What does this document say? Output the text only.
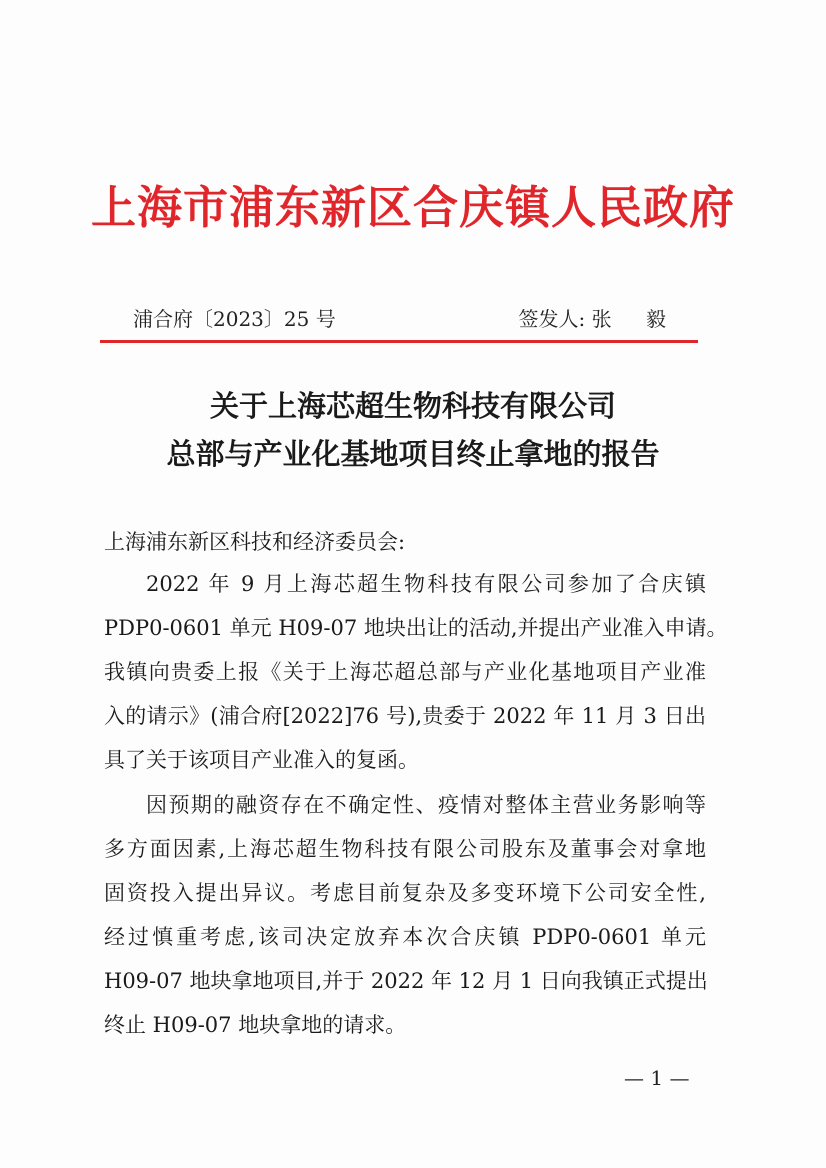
上海市浦东新区合庆镇人民政府
浦合府〔2023〕25 号	签发人: 张 毅
关于上海芯超生物科技有限公司
总部与产业化基地项目终止拿地的报告
上海浦东新区科技和经济委员会:
2022 年 9 月上海芯超生物科技有限公司参加了合庆镇
PDP0-0601 单元 H09-07 地块出让的活动,并提出产业准入申请。
我镇向贵委上报《关于上海芯超总部与产业化基地项目产业准
入的请示》(浦合府[2022]76 号),贵委于 2022 年 11 月 3 日出
具了关于该项目产业准入的复函。
因预期的融资存在不确定性、疫情对整体主营业务影响等
多方面因素,上海芯超生物科技有限公司股东及董事会对拿地
固资投入提出异议。考虑目前复杂及多变环境下公司安全性,
经过慎重考虑,该司决定放弃本次合庆镇 PDP0-0601 单元
H09-07 地块拿地项目,并于 2022 年 12 月 1 日向我镇正式提出
终止 H09-07 地块拿地的请求。
— 1 —
